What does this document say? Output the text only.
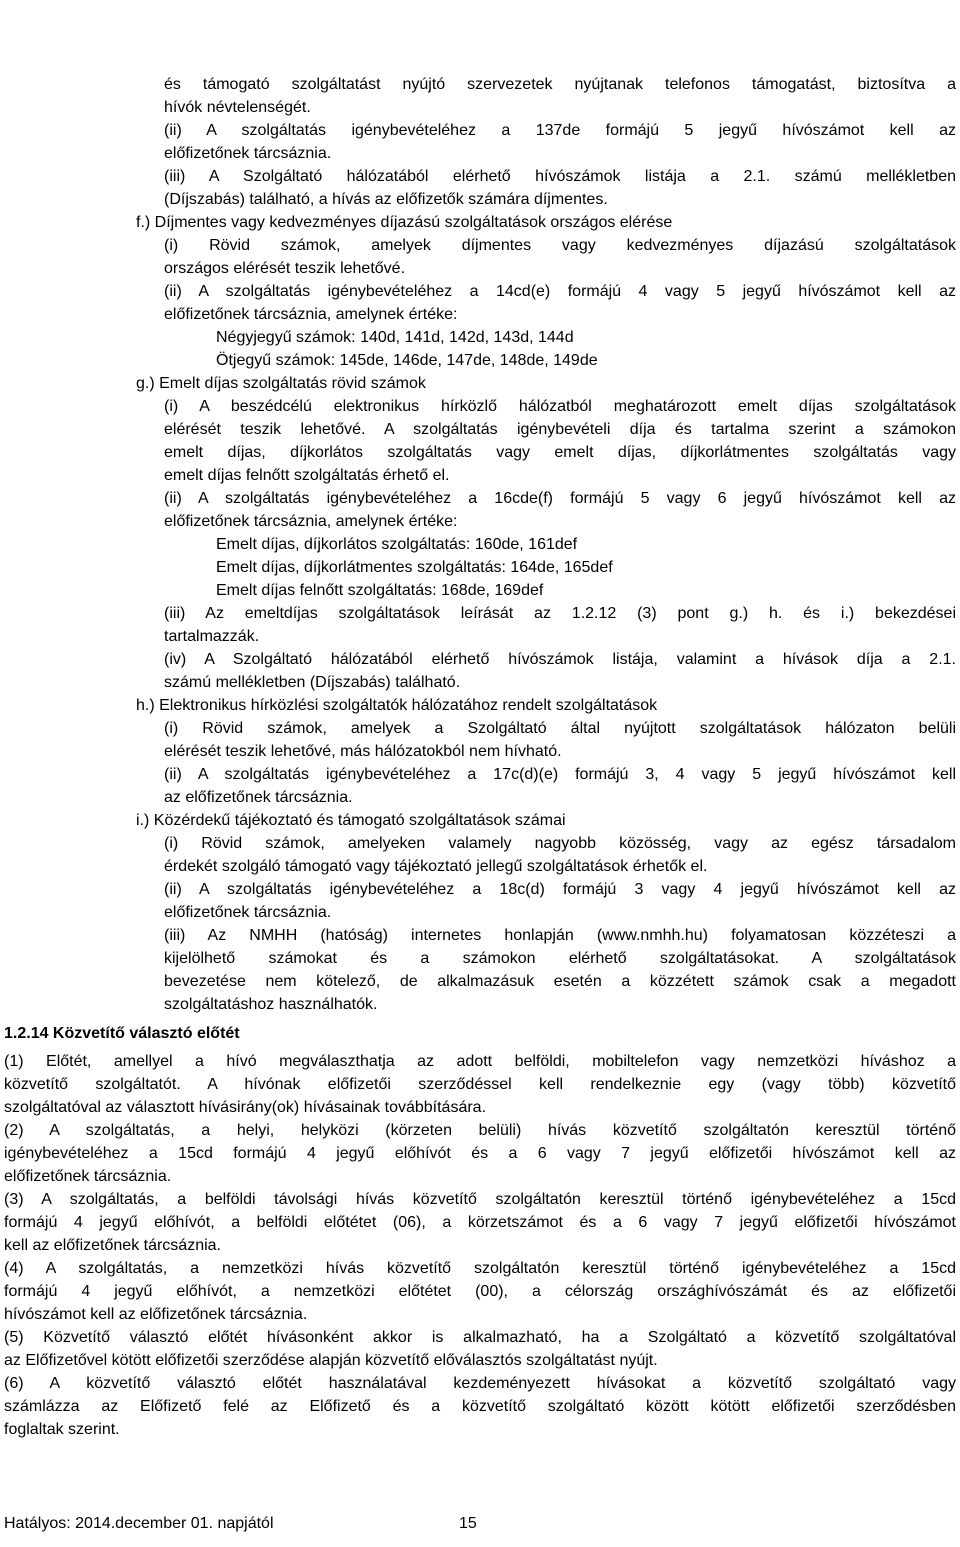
Invitel Technocom Kft.	ITC ÁSZF
Szolgáltatások leírása
1. sz. melléklet
és támogató szolgáltatást nyújtó szervezetek nyújtanak telefonos támogatást, biztosítva a
hívók névtelenségét.
(ii) A szolgáltatás igénybevételéhez a 137de formájú 5 jegyű hívószámot kell az
előfizetőnek tárcsáznia.
(iii) A Szolgáltató hálózatából elérhető hívószámok listája a 2.1. számú mellékletben
(Díjszabás) található, a hívás az előfizetők számára díjmentes.
f.) Díjmentes vagy kedvezményes díjazású szolgáltatások országos elérése
(i) Rövid számok, amelyek díjmentes vagy kedvezményes díjazású szolgáltatások
országos elérését teszik lehetővé.
(ii) A szolgáltatás igénybevételéhez a 14cd(e) formájú 4 vagy 5 jegyű hívószámot kell az
előfizetőnek tárcsáznia, amelynek értéke:
Négyjegyű számok: 140d, 141d, 142d, 143d, 144d
Ötjegyű számok: 145de, 146de, 147de, 148de, 149de
g.) Emelt díjas szolgáltatás rövid számok
(i) A beszédcélú elektronikus hírközlő hálózatból meghatározott emelt díjas szolgáltatások
elérését teszik lehetővé. A szolgáltatás igénybevételi díja és tartalma szerint a számokon
emelt díjas, díjkorlátos szolgáltatás vagy emelt díjas, díjkorlátmentes szolgáltatás vagy
emelt díjas felnőtt szolgáltatás érhető el.
(ii) A szolgáltatás igénybevételéhez a 16cde(f) formájú 5 vagy 6 jegyű hívószámot kell az
előfizetőnek tárcsáznia, amelynek értéke:
Emelt díjas, díjkorlátos szolgáltatás: 160de, 161def
Emelt díjas, díjkorlátmentes szolgáltatás: 164de, 165def
Emelt díjas felnőtt szolgáltatás: 168de, 169def
(iii) Az emeltdíjas szolgáltatások leírását az 1.2.12 (3) pont g.) h. és i.) bekezdései
tartalmazzák.
(iv) A Szolgáltató hálózatából elérhető hívószámok listája, valamint a hívások díja a 2.1.
számú mellékletben (Díjszabás) található.
h.) Elektronikus hírközlési szolgáltatók hálózatához rendelt szolgáltatások
(i) Rövid számok, amelyek a Szolgáltató által nyújtott szolgáltatások hálózaton belüli
elérését teszik lehetővé, más hálózatokból nem hívható.
(ii) A szolgáltatás igénybevételéhez a 17c(d)(e) formájú 3, 4 vagy 5 jegyű hívószámot kell
az előfizetőnek tárcsáznia.
i.) Közérdekű tájékoztató és támogató szolgáltatások számai
(i) Rövid számok, amelyeken valamely nagyobb közösség, vagy az egész társadalom
érdekét szolgáló támogató vagy tájékoztató jellegű szolgáltatások érhetők el.
(ii) A szolgáltatás igénybevételéhez a 18c(d) formájú 3 vagy 4 jegyű hívószámot kell az
előfizetőnek tárcsáznia.
(iii) Az NMHH (hatóság) internetes honlapján (www.nmhh.hu) folyamatosan közzéteszi a
kijelölhető számokat és a számokon elérhető szolgáltatásokat. A szolgáltatások
bevezetése nem kötelező, de alkalmazásuk esetén a közzétett számok csak a megadott
szolgáltatáshoz használhatók.
1.2.14 Közvetítő választó előtét
(1) Előtét, amellyel a hívó megválaszthatja az adott belföldi, mobiltelefon vagy nemzetközi híváshoz a
közvetítő szolgáltatót. A hívónak előfizetői szerződéssel kell rendelkeznie egy (vagy több) közvetítő
szolgáltatóval az választott hívásirány(ok) hívásainak továbbítására.
(2) A szolgáltatás, a helyi, helyközi (körzeten belüli) hívás közvetítő szolgáltatón keresztül történő
igénybevételéhez a 15cd formájú 4 jegyű előhívót és a 6 vagy 7 jegyű előfizetői hívószámot kell az
előfizetőnek tárcsáznia.
(3) A szolgáltatás, a belföldi távolsági hívás közvetítő szolgáltatón keresztül történő igénybevételéhez a 15cd
formájú 4 jegyű előhívót, a belföldi előtétet (06), a körzetszámot és a 6 vagy 7 jegyű előfizetői hívószámot
kell az előfizetőnek tárcsáznia.
(4) A szolgáltatás, a nemzetközi hívás közvetítő szolgáltatón keresztül történő igénybevételéhez a 15cd
formájú 4 jegyű előhívót, a nemzetközi előtétet (00), a célország országhívószámát és az előfizetői
hívószámot kell az előfizetőnek tárcsáznia.
(5) Közvetítő választó előtét hívásonként akkor is alkalmazható, ha a Szolgáltató a közvetítő szolgáltatóval
az Előfizetővel kötött előfizetői szerződése alapján közvetítő előválasztós szolgáltatást nyújt.
(6) A közvetítő választó előtét használatával kezdeményezett hívásokat a közvetítő szolgáltató vagy
számlázza az Előfizető felé az Előfizető és a közvetítő szolgáltató között kötött előfizetői szerződésben
foglaltak szerint.
Hatályos: 2014.december 01. napjától	15
